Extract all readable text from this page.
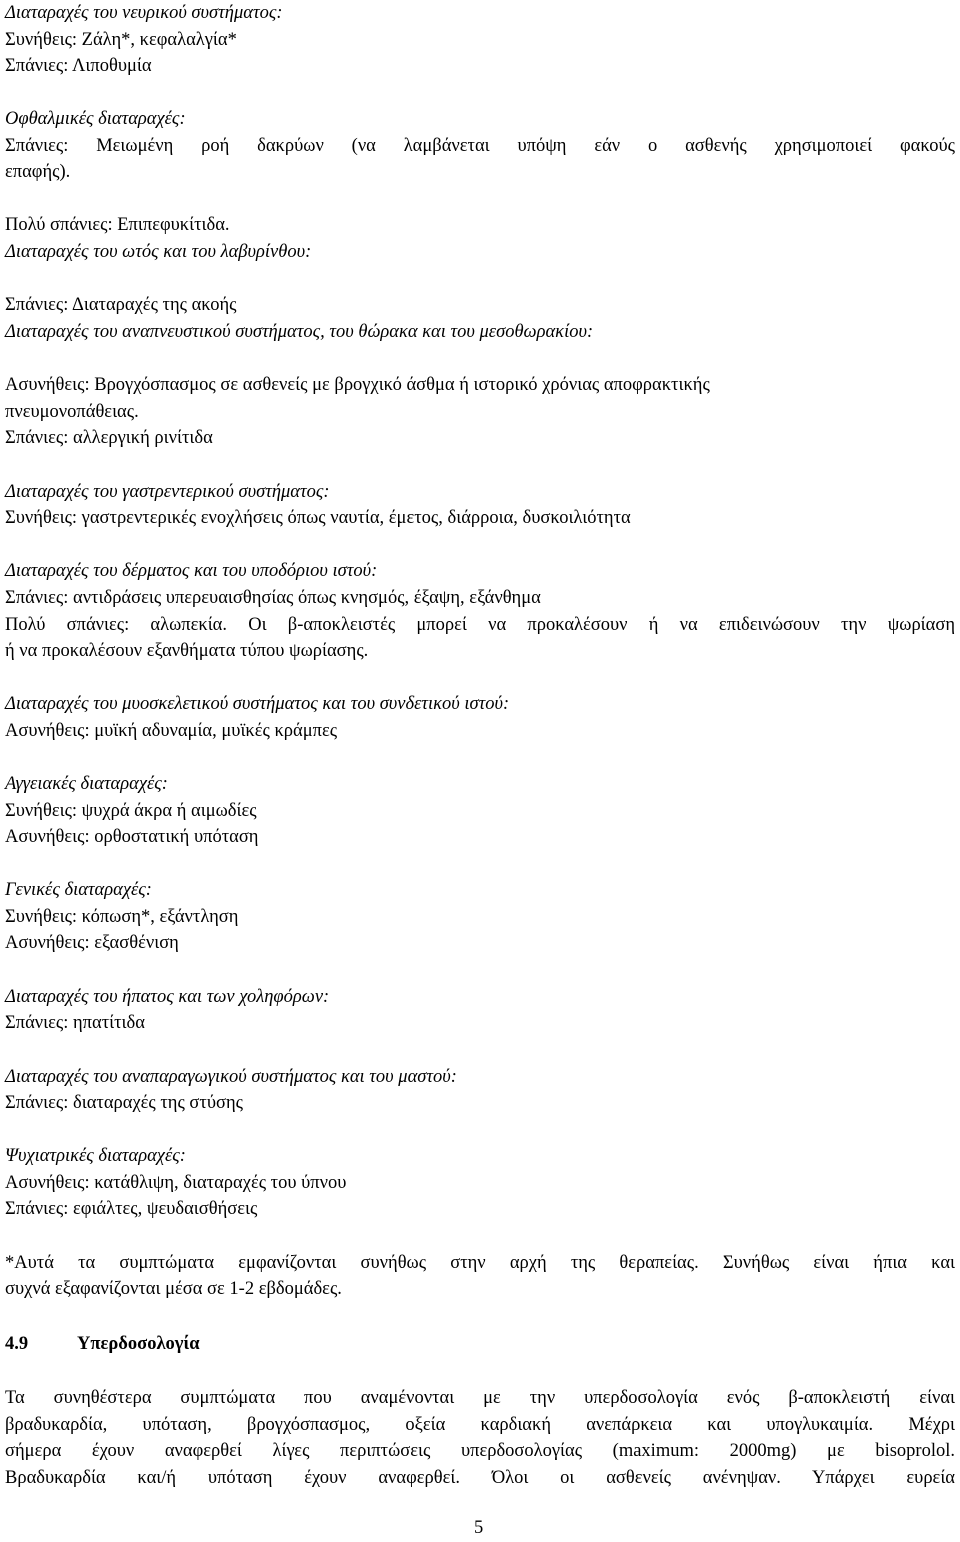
Διαταραχές του νευρικού συστήματος:
Συνήθεις: Ζάλη*, κεφαλαλγία*
Σπάνιες: Λιποθυμία
Οφθαλμικές διαταραχές:
Σπάνιες: Μειωμένη ροή δακρύων (να λαμβάνεται υπόψη εάν ο ασθενής χρησιμοποιεί φακούς
επαφής).
Πολύ σπάνιες: Επιπεφυκίτιδα.
Διαταραχές του ωτός και του λαβυρίνθου:
Σπάνιες: Διαταραχές της ακοής
Διαταραχές του αναπνευστικού συστήματος, του θώρακα και του μεσοθωρακίου:
Ασυνήθεις: Βρογχόσπασμος σε ασθενείς με βρογχικό άσθμα ή ιστορικό χρόνιας αποφρακτικής
πνευμονοπάθειας.
Σπάνιες: αλλεργική ρινίτιδα
Διαταραχές του γαστρεντερικού συστήματος:
Συνήθεις: γαστρεντερικές ενοχλήσεις όπως ναυτία, έμετος, διάρροια, δυσκοιλιότητα
Διαταραχές του δέρματος και του υποδόριου ιστού:
Σπάνιες: αντιδράσεις υπερευαισθησίας όπως κνησμός, έξαψη, εξάνθημα
Πολύ σπάνιες: αλωπεκία. Οι β-αποκλειστές μπορεί να προκαλέσουν ή να επιδεινώσουν την ψωρίαση
ή να προκαλέσουν εξανθήματα τύπου ψωρίασης.
Διαταραχές του μυοσκελετικού συστήματος και του συνδετικού ιστού:
Ασυνήθεις: μυϊκή αδυναμία, μυϊκές κράμπες
Αγγειακές διαταραχές:
Συνήθεις: ψυχρά άκρα ή αιμωδίες
Ασυνήθεις: ορθοστατική υπόταση
Γενικές διαταραχές:
Συνήθεις: κόπωση*, εξάντληση
Ασυνήθεις: εξασθένιση
Διαταραχές του ήπατος και των χοληφόρων:
Σπάνιες: ηπατίτιδα
Διαταραχές του αναπαραγωγικού συστήματος και του μαστού:
Σπάνιες: διαταραχές της στύσης
Ψυχιατρικές διαταραχές:
Ασυνήθεις: κατάθλιψη, διαταραχές του ύπνου
Σπάνιες: εφιάλτες, ψευδαισθήσεις
*Αυτά τα συμπτώματα εμφανίζονται συνήθως στην αρχή της θεραπείας. Συνήθως είναι ήπια και
συχνά εξαφανίζονται μέσα σε 1-2 εβδομάδες.
4.9	Υπερδοσολογία
Τα συνηθέστερα συμπτώματα που αναμένονται με την υπερδοσολογία ενός β-αποκλειστή είναι
βραδυκαρδία, υπόταση, βρογχόσπασμος, οξεία καρδιακή ανεπάρκεια και υπογλυκαιμία. Μέχρι
σήμερα έχουν αναφερθεί λίγες περιπτώσεις υπερδοσολογίας (maximum: 2000mg) με bisoprolol.
Βραδυκαρδία και/ή υπόταση έχουν αναφερθεί. Όλοι οι ασθενείς ανένηψαν. Υπάρχει ευρεία
5
